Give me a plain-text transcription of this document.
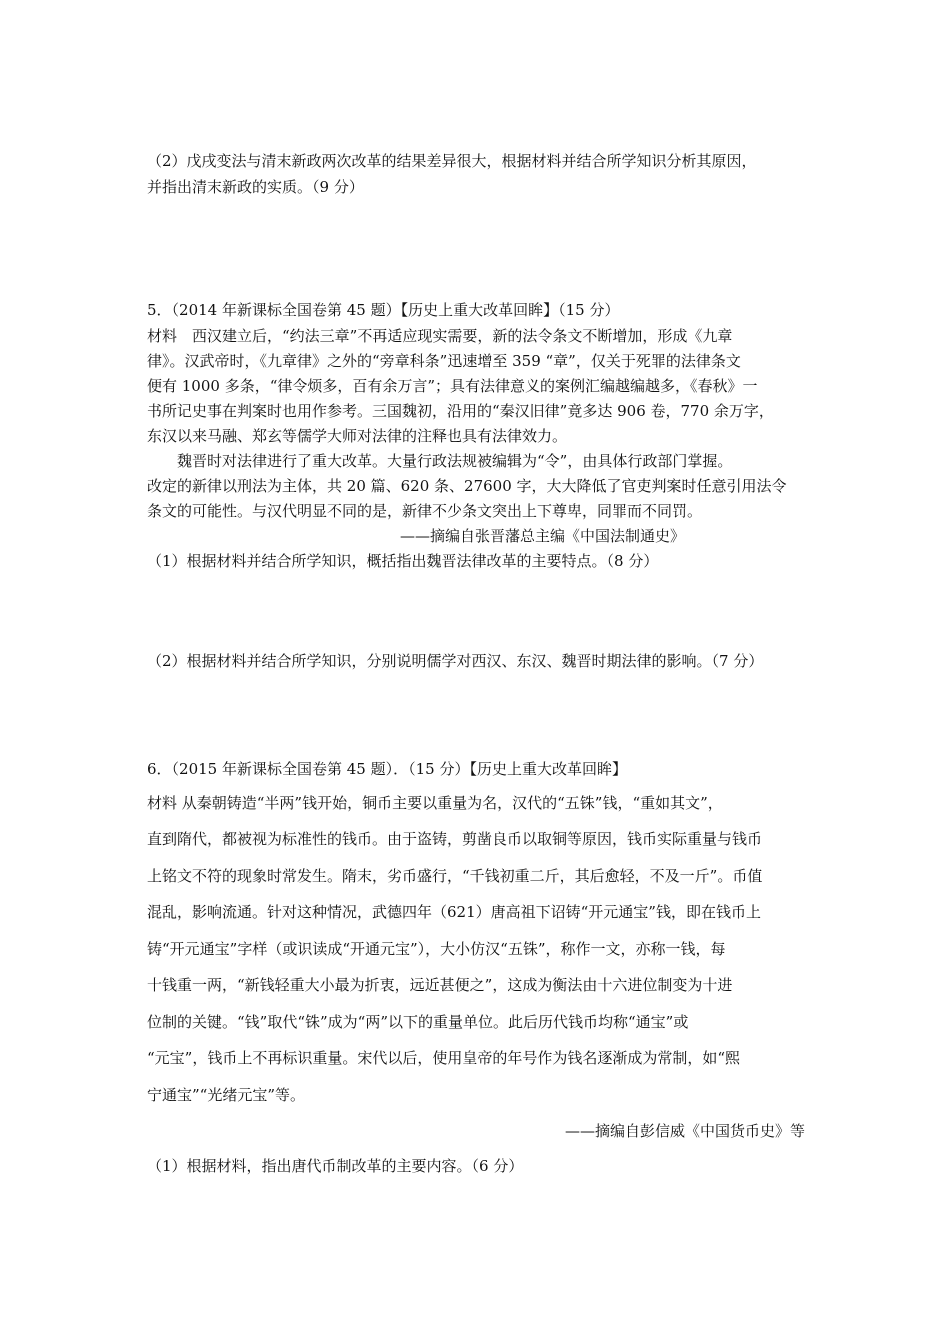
（2）戊戌变法与清末新政两次改革的结果差异很大，根据材料并结合所学知识分析其原因，
并指出清末新政的实质。（9 分）
5．（2014 年新课标全国卷第 45 题）【历史上重大改革回眸】（15 分）
材料　西汉建立后，“约法三章”不再适应现实需要，新的法令条文不断增加，形成《九章
律》。汉武帝时，《九章律》之外的“旁章科条”迅速增至 359 “章”，仅关于死罪的法律条文
便有 1000 多条，“律令烦多，百有余万言”；具有法律意义的案例汇编越编越多，《春秋》一
书所记史事在判案时也用作参考。三国魏初，沿用的“秦汉旧律”竟多达 906 卷，770 余万字，
东汉以来马融、郑玄等儒学大师对法律的注释也具有法律效力。
　　魏晋时对法律进行了重大改革。大量行政法规被编辑为“令”，由具体行政部门掌握。
改定的新律以刑法为主体，共 20 篇、620 条、27600 字，大大降低了官吏判案时任意引用法令
条文的可能性。与汉代明显不同的是，新律不少条文突出上下尊卑，同罪而不同罚。
——摘编自张晋藩总主编《中国法制通史》
（1）根据材料并结合所学知识，概括指出魏晋法律改革的主要特点。（8 分）
（2）根据材料并结合所学知识，分别说明儒学对西汉、东汉、魏晋时期法律的影响。（7 分）
6．（2015 年新课标全国卷第 45 题）．（15 分）【历史上重大改革回眸】
材料 从秦朝铸造“半两”钱开始，铜币主要以重量为名，汉代的“五铢”钱，“重如其文”，
直到隋代，都被视为标准性的钱币。由于盗铸，剪凿良币以取铜等原因，钱币实际重量与钱币
上铭文不符的现象时常发生。隋末，劣币盛行，“千钱初重二斤，其后愈轻，不及一斤”。币值
混乱，影响流通。针对这种情况，武德四年（621）唐高祖下诏铸“开元通宝”钱，即在钱币上
铸“开元通宝”字样（或识读成“开通元宝”），大小仿汉“五铢”，称作一文，亦称一钱，每
十钱重一两，“新钱轻重大小最为折衷，远近甚便之”，这成为衡法由十六进位制变为十进
位制的关键。“钱”取代“铢”成为“两”以下的重量单位。此后历代钱币均称“通宝”或
“元宝”，钱币上不再标识重量。宋代以后，使用皇帝的年号作为钱名逐渐成为常制，如“熙
宁通宝”“光绪元宝”等。
——摘编自彭信威《中国货币史》等
（1）根据材料，指出唐代币制改革的主要内容。（6 分）
